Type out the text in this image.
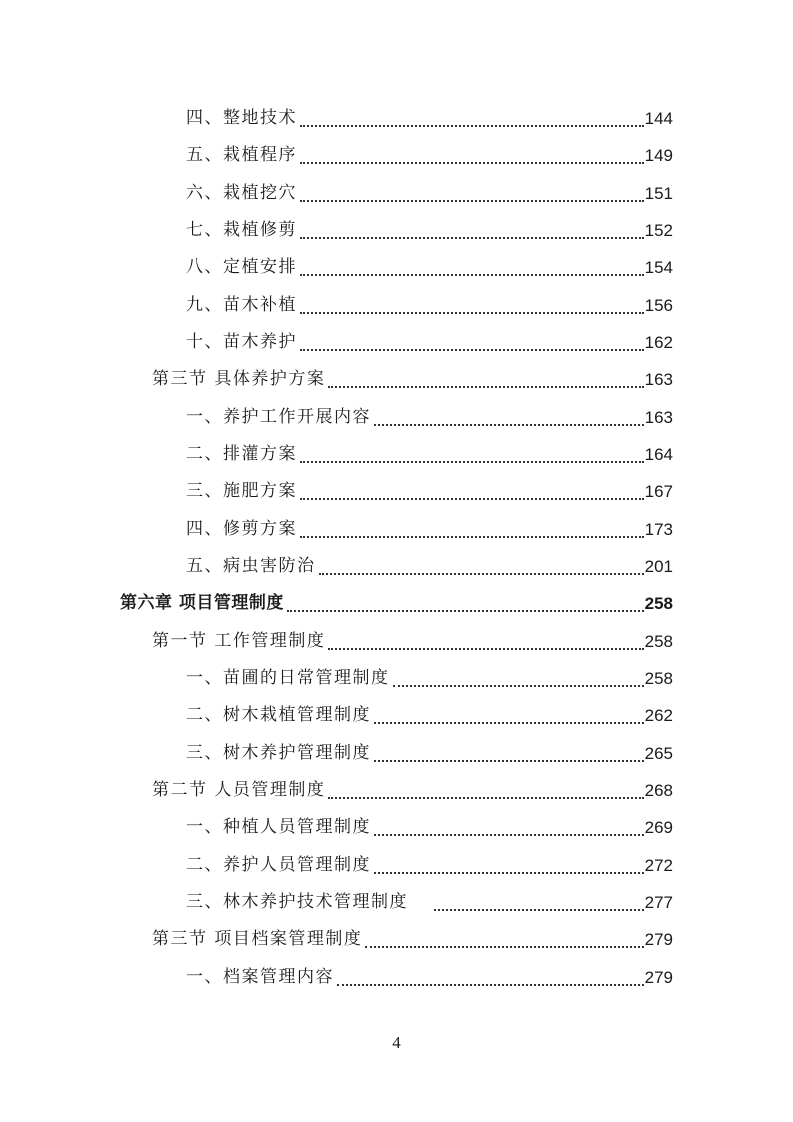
四、整地技术	144
五、栽植程序	149
六、栽植挖穴	151
七、栽植修剪	152
八、定植安排	154
九、苗木补植	156
十、苗木养护	162
第三节 具体养护方案	163
一、养护工作开展内容	163
二、排灌方案	164
三、施肥方案	167
四、修剪方案	173
五、病虫害防治	201
第六章 项目管理制度	258
第一节 工作管理制度	258
一、苗圃的日常管理制度	258
二、树木栽植管理制度	262
三、树木养护管理制度	265
第二节 人员管理制度	268
一、种植人员管理制度	269
二、养护人员管理制度	272
三、林木养护技术管理制度	277
第三节 项目档案管理制度	279
一、档案管理内容	279
4
